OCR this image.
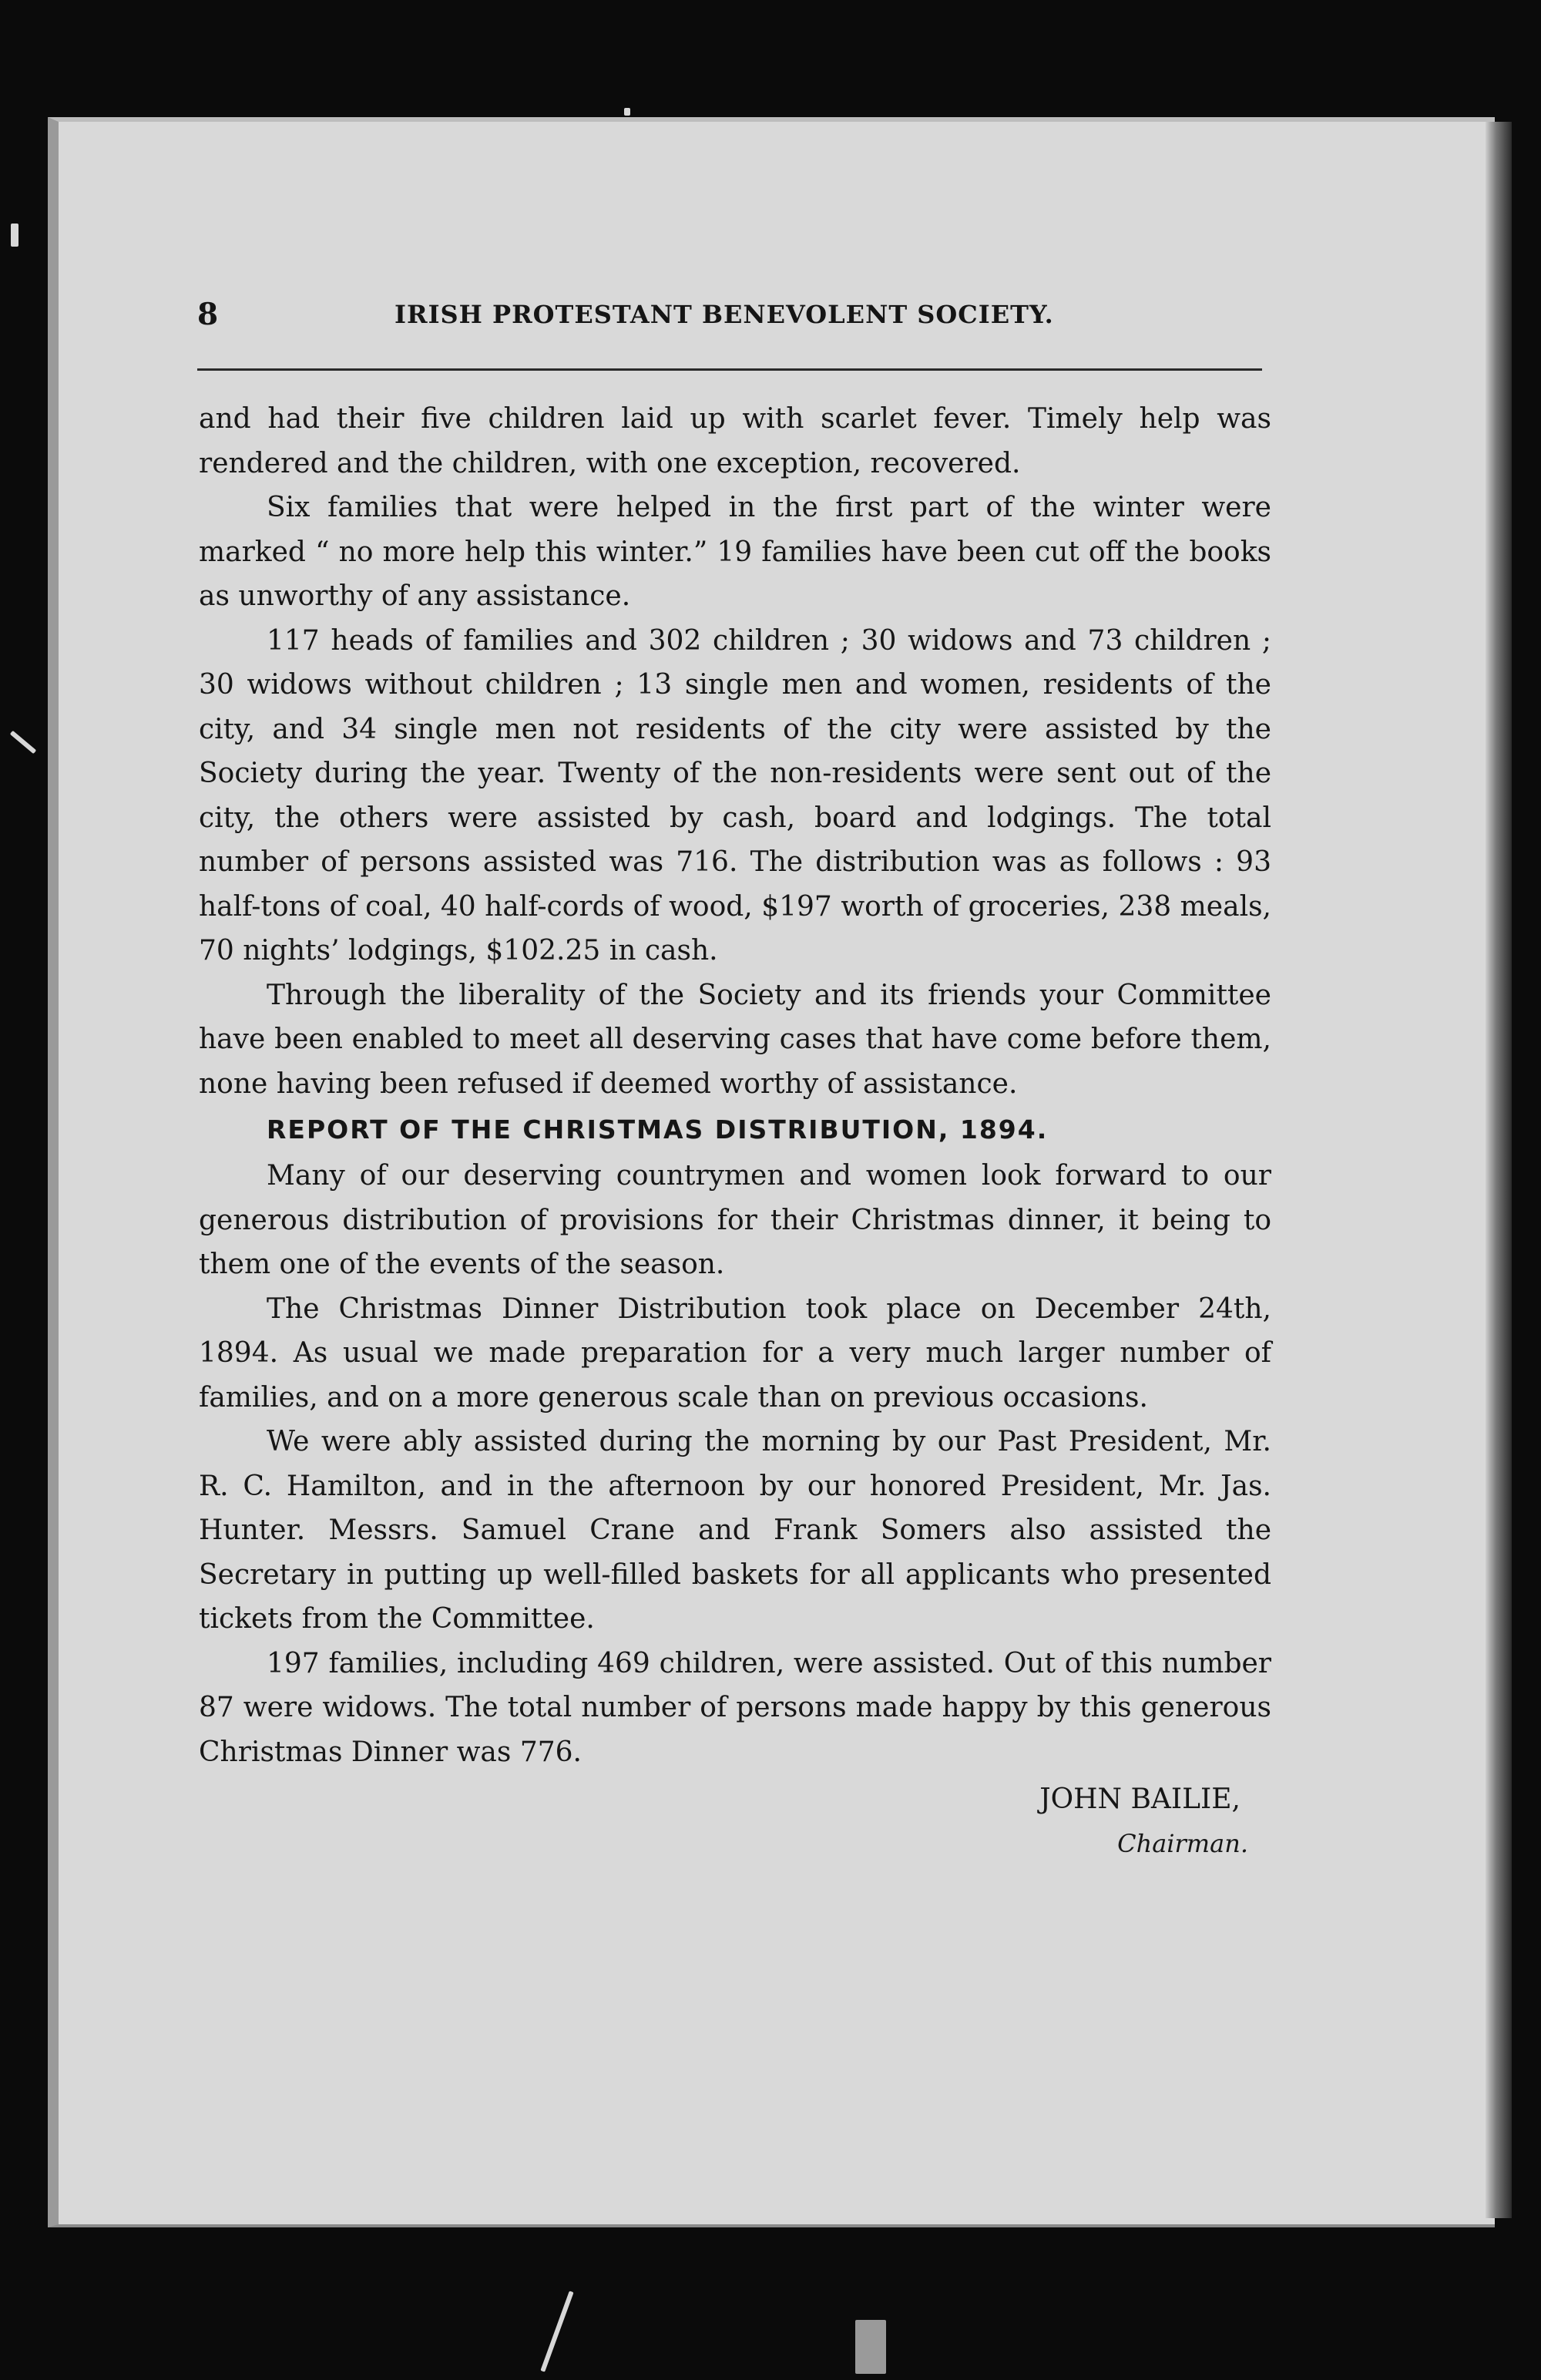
8	IRISH PROTESTANT BENEVOLENT SOCIETY.

and had their five children laid up with scarlet fever. Timely help was rendered and the children, with one exception, recovered.

Six families that were helped in the first part of the winter were marked “ no more help this winter.” 19 families have been cut off the books as unworthy of any assistance.

117 heads of families and 302 children ; 30 widows and 73 children ; 30 widows without children ; 13 single men and women, residents of the city, and 34 single men not residents of the city were assisted by the Society during the year. Twenty of the non-residents were sent out of the city, the others were assisted by cash, board and lodgings. The total number of persons assisted was 716. The distribution was as follows : 93 half-tons of coal, 40 half-cords of wood, $197 worth of groceries, 238 meals, 70 nights’ lodgings, $102.25 in cash.

Through the liberality of the Society and its friends your Committee have been enabled to meet all deserving cases that have come before them, none having been refused if deemed worthy of assistance.

REPORT OF THE CHRISTMAS DISTRIBUTION, 1894.

Many of our deserving countrymen and women look forward to our generous distribution of provisions for their Christmas dinner, it being to them one of the events of the season.

The Christmas Dinner Distribution took place on December 24th, 1894. As usual we made preparation for a very much larger number of families, and on a more generous scale than on previous occasions.

We were ably assisted during the morning by our Past President, Mr. R. C. Hamilton, and in the afternoon by our honored President, Mr. Jas. Hunter. Messrs. Samuel Crane and Frank Somers also assisted the Secretary in putting up well-filled baskets for all applicants who presented tickets from the Committee.

197 families, including 469 children, were assisted. Out of this number 87 were widows. The total number of persons made happy by this generous Christmas Dinner was 776.

JOHN BAILIE,
Chairman.
